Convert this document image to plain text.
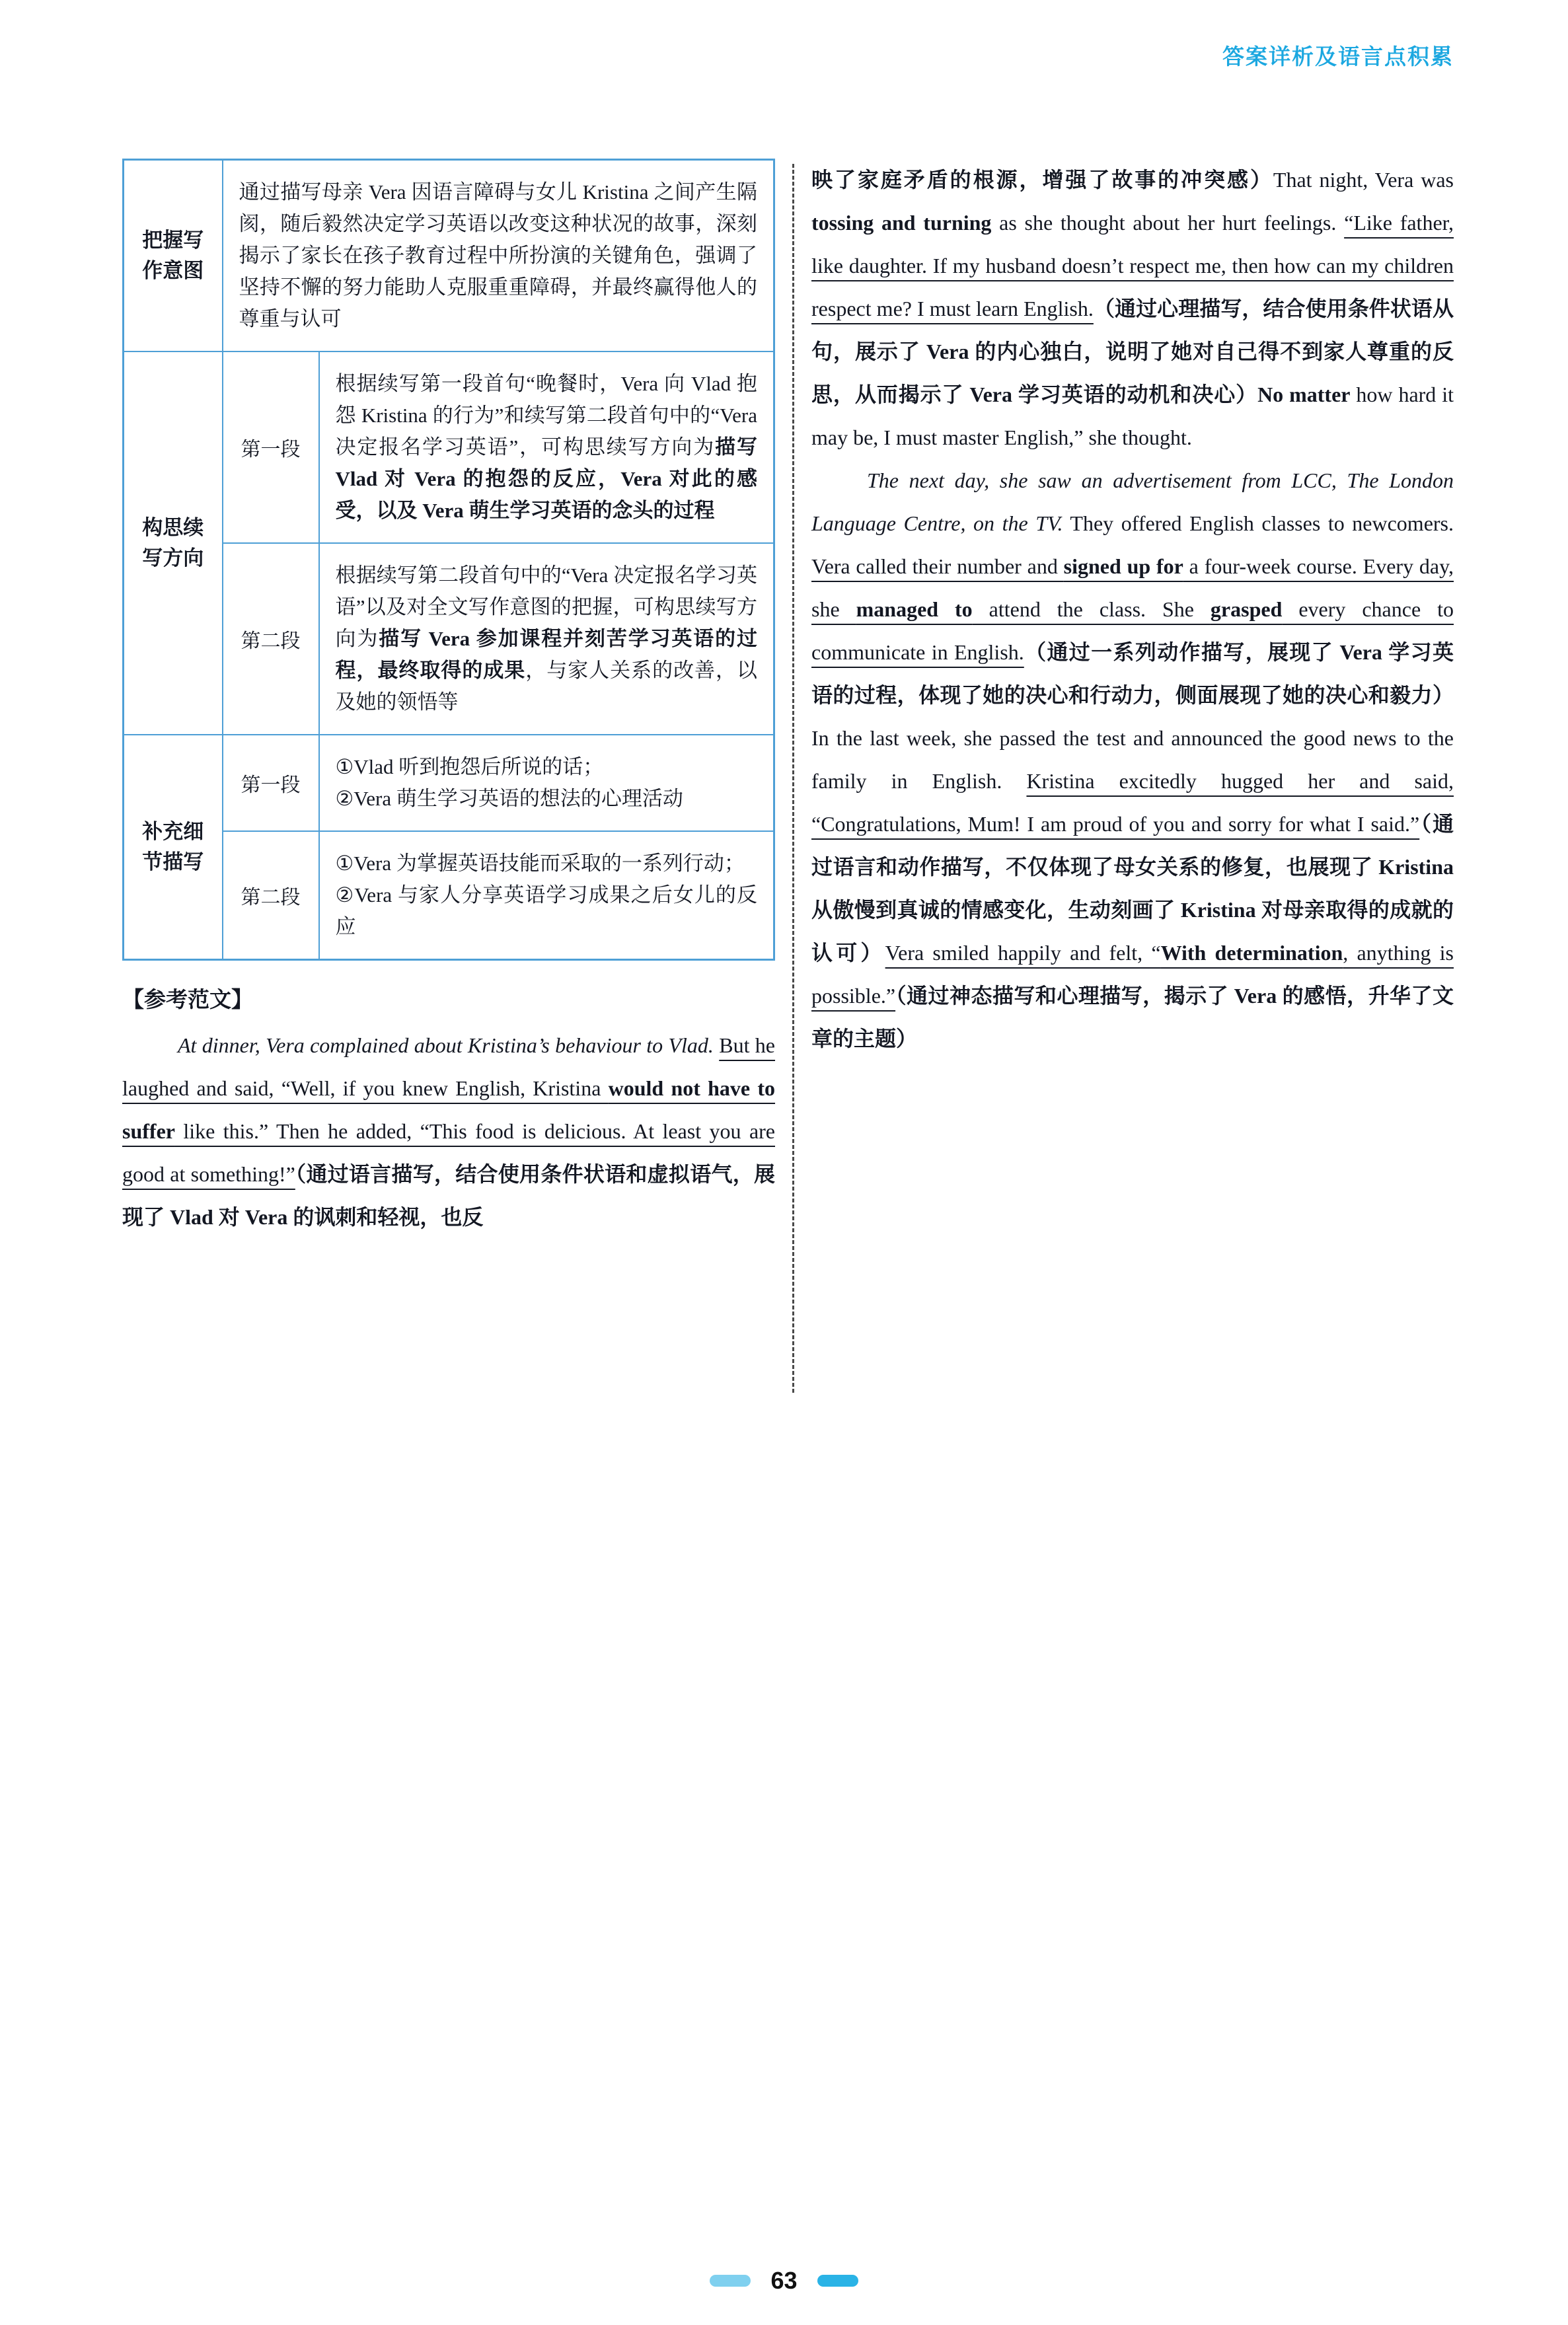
答案详析及语言点积累
把握写作意图	通过描写母亲 Vera 因语言障碍与女儿 Kristina 之间产生隔阂，随后毅然决定学习英语以改变这种状况的故事，深刻揭示了家长在孩子教育过程中所扮演的关键角色，强调了坚持不懈的努力能助人克服重重障碍，并最终赢得他人的尊重与认可	
构思续写方向	第一段	根据续写第一段首句“晚餐时，Vera 向 Vlad 抱怨 Kristina 的行为”和续写第二段首句中的“Vera 决定报名学习英语”，可构思续写方向为描写 Vlad 对 Vera 的抱怨的反应，Vera 对此的感受，以及 Vera 萌生学习英语的念头的过程
	第二段	根据续写第二段首句中的“Vera 决定报名学习英语”以及对全文写作意图的把握，可构思续写方向为描写 Vera 参加课程并刻苦学习英语的过程，最终取得的成果，与家人关系的改善，以及她的领悟等
补充细节描写	第一段	①Vlad 听到抱怨后所说的话；
②Vera 萌生学习英语的想法的心理活动

	第二段	①Vera 为掌握英语技能而采取的一系列行动；
②Vera 与家人分享英语学习成果之后女儿的反应
【参考范文】

At dinner, Vera complained about Kristina’s behaviour to Vlad. But he laughed and said, “Well, if you knew English, Kristina would not have to suffer like this.” Then he added, “This food is delicious. At least you are good at something!”（通过语言描写，结合使用条件状语和虚拟语气，展现了 Vlad 对 Vera 的讽刺和轻视，也反

映了家庭矛盾的根源，增强了故事的冲突感）That night, Vera was tossing and turning as she thought about her hurt feelings. “Like father, like daughter. If my husband doesn’t respect me, then how can my children respect me? I must learn English.（通过心理描写，结合使用条件状语从句，展示了 Vera 的内心独白，说明了她对自己得不到家人尊重的反思，从而揭示了 Vera 学习英语的动机和决心）No matter how hard it may be, I must master English,” she thought.

The next day, she saw an advertisement from LCC, The London Language Centre, on the TV. They offered English classes to newcomers. Vera called their number and signed up for a four-week course. Every day, she managed to attend the class. She grasped every chance to communicate in English.（通过一系列动作描写，展现了 Vera 学习英语的过程，体现了她的决心和行动力，侧面展现了她的决心和毅力）In the last week, she passed the test and announced the good news to the family in English. Kristina excitedly hugged her and said, “Congratulations, Mum! I am proud of you and sorry for what I said.”（通过语言和动作描写，不仅体现了母女关系的修复，也展现了 Kristina 从傲慢到真诚的情感变化，生动刻画了 Kristina 对母亲取得的成就的认可）Vera smiled happily and felt, “With determination, anything is possible.”（通过神态描写和心理描写，揭示了 Vera 的感悟，升华了文章的主题）

63
